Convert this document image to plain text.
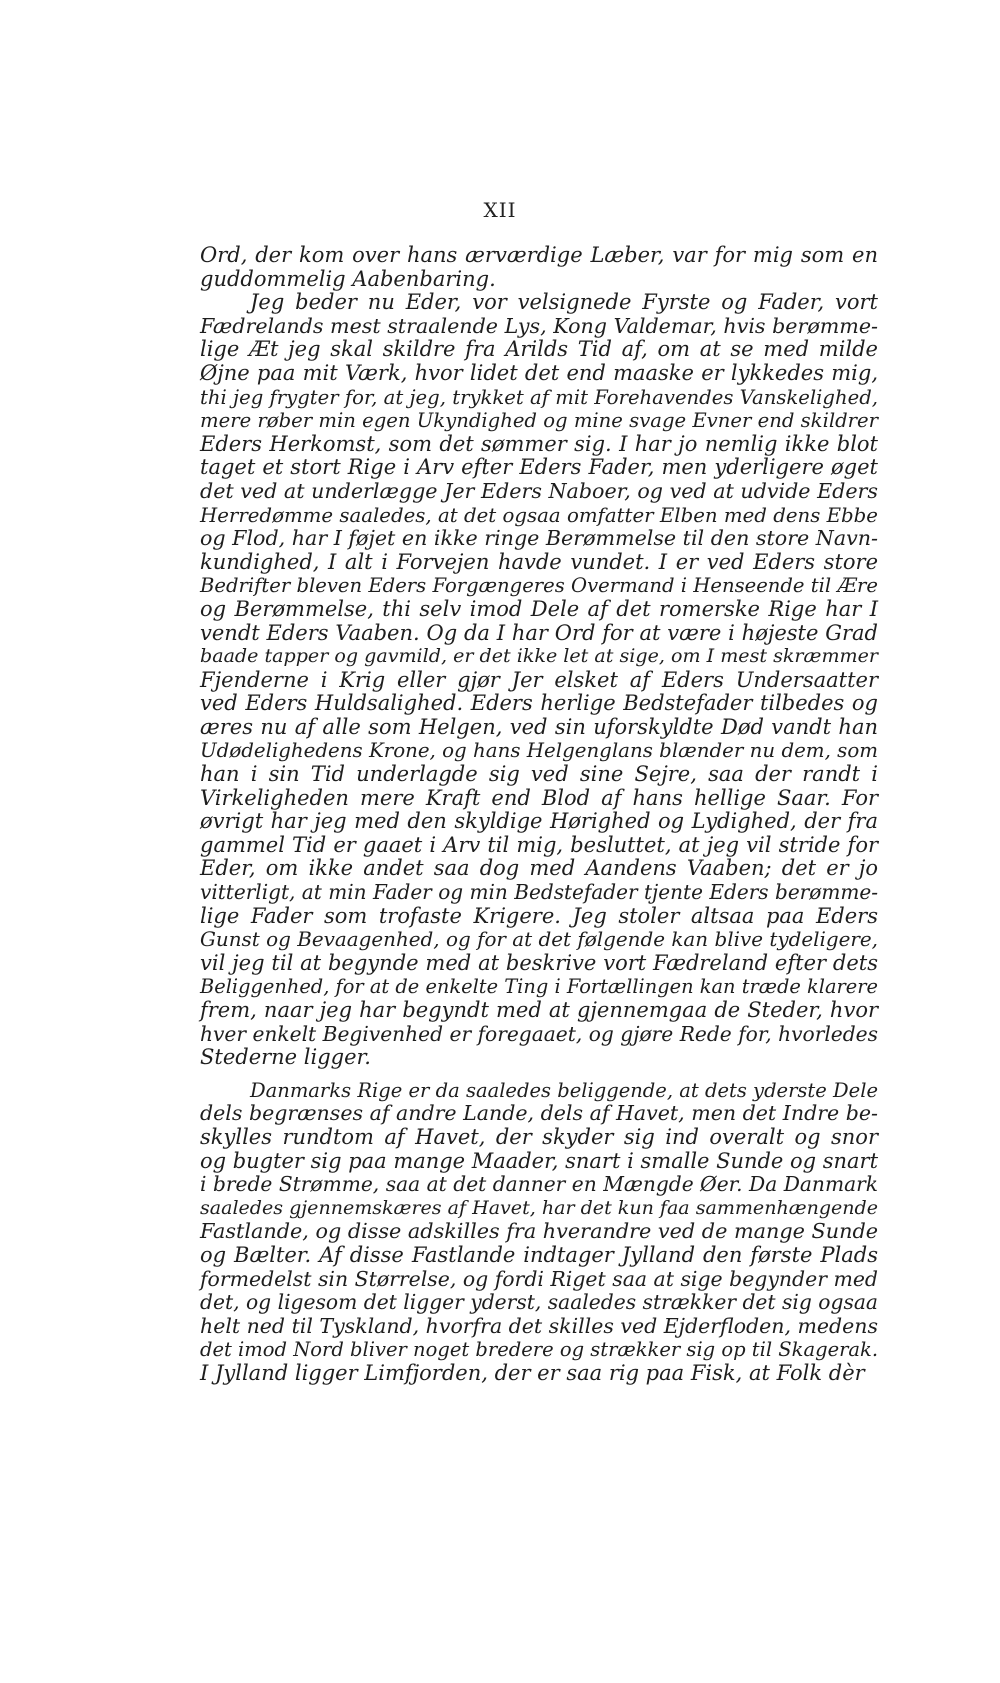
XII
Ord, der kom over hans ærværdige Læber, var for mig som en
guddommelig Aabenbaring.
Jeg beder nu Eder, vor velsignede Fyrste og Fader, vort
Fædrelands mest straalende Lys, Kong Valdemar, hvis berømme-
lige Æt jeg skal skildre fra Arilds Tid af, om at se med milde
Øjne paa mit Værk, hvor lidet det end maaske er lykkedes mig,
thi jeg frygter for, at jeg, trykket af mit Forehavendes Vanskelighed,
mere røber min egen Ukyndighed og mine svage Evner end skildrer
Eders Herkomst, som det sømmer sig. I har jo nemlig ikke blot
taget et stort Rige i Arv efter Eders Fader, men yderligere øget
det ved at underlægge Jer Eders Naboer, og ved at udvide Eders
Herredømme saaledes, at det ogsaa omfatter Elben med dens Ebbe
og Flod, har I føjet en ikke ringe Berømmelse til den store Navn-
kundighed, I alt i Forvejen havde vundet. I er ved Eders store
Bedrifter bleven Eders Forgængeres Overmand i Henseende til Ære
og Berømmelse, thi selv imod Dele af det romerske Rige har I
vendt Eders Vaaben. Og da I har Ord for at være i højeste Grad
baade tapper og gavmild, er det ikke let at sige, om I mest skræmmer
Fjenderne i Krig eller gjør Jer elsket af Eders Undersaatter
ved Eders Huldsalighed. Eders herlige Bedstefader tilbedes og
æres nu af alle som Helgen, ved sin uforskyldte Død vandt han
Udødelighedens Krone, og hans Helgenglans blænder nu dem, som
han i sin Tid underlagde sig ved sine Sejre, saa der randt i
Virkeligheden mere Kraft end Blod af hans hellige Saar. For
øvrigt har jeg med den skyldige Hørighed og Lydighed, der fra
gammel Tid er gaaet i Arv til mig, besluttet, at jeg vil stride for
Eder, om ikke andet saa dog med Aandens Vaaben; det er jo
vitterligt, at min Fader og min Bedstefader tjente Eders berømme-
lige Fader som trofaste Krigere. Jeg stoler altsaa paa Eders
Gunst og Bevaagenhed, og for at det følgende kan blive tydeligere,
vil jeg til at begynde med at beskrive vort Fædreland efter dets
Beliggenhed, for at de enkelte Ting i Fortællingen kan træde klarere
frem, naar jeg har begyndt med at gjennemgaa de Steder, hvor
hver enkelt Begivenhed er foregaaet, og gjøre Rede for, hvorledes
Stederne ligger.
Danmarks Rige er da saaledes beliggende, at dets yderste Dele
dels begrænses af andre Lande, dels af Havet, men det Indre be-
skylles rundtom af Havet, der skyder sig ind overalt og snor
og bugter sig paa mange Maader, snart i smalle Sunde og snart
i brede Strømme, saa at det danner en Mængde Øer. Da Danmark
saaledes gjennemskæres af Havet, har det kun faa sammenhængende
Fastlande, og disse adskilles fra hverandre ved de mange Sunde
og Bælter. Af disse Fastlande indtager Jylland den første Plads
formedelst sin Størrelse, og fordi Riget saa at sige begynder med
det, og ligesom det ligger yderst, saaledes strækker det sig ogsaa
helt ned til Tyskland, hvorfra det skilles ved Ejderfloden, medens
det imod Nord bliver noget bredere og strækker sig op til Skagerak.
I Jylland ligger Limfjorden, der er saa rig paa Fisk, at Folk dèr
